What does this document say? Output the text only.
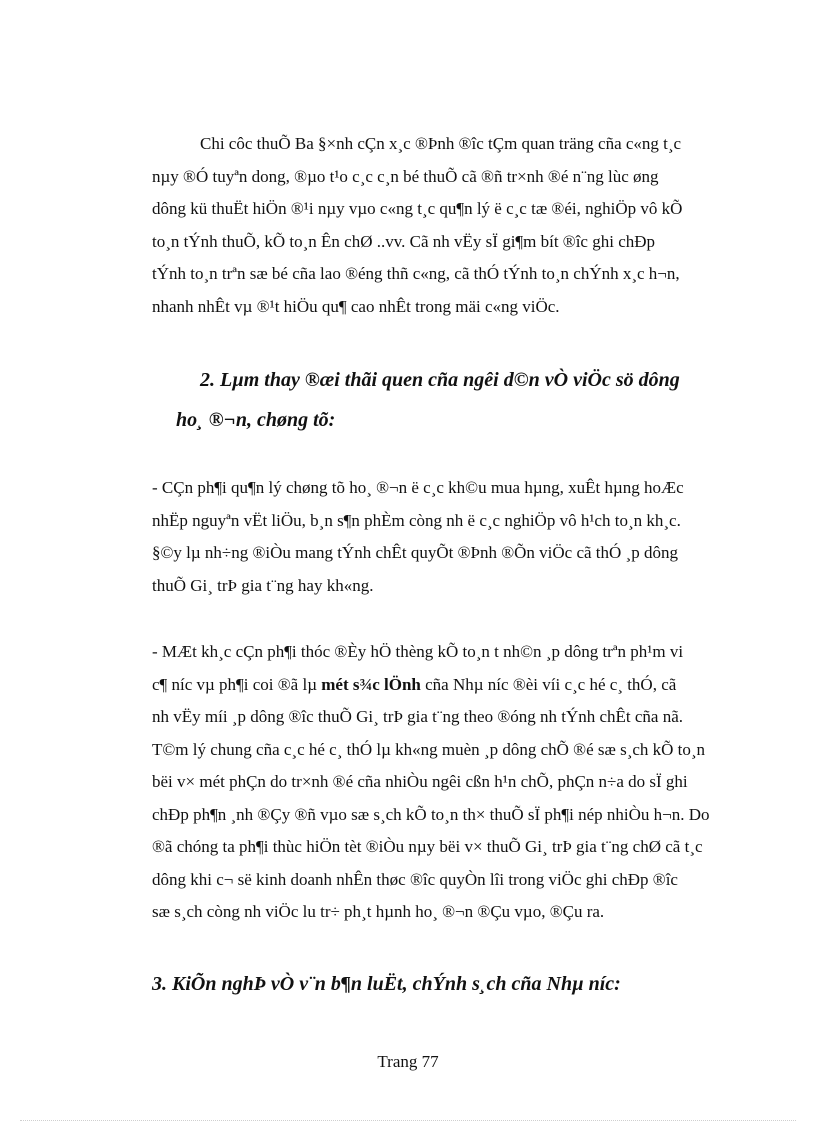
Chi côc thuÕ Ba §×nh cÇn x¸c ®Þnh ®îc tÇm quan träng cña c«ng t¸c
nµy ®Ó tuyªn dong, ®µo t¹o c¸c c¸n bé thuÕ cã ®ñ tr×nh ®é n¨ng lùc øng
dông kü thuËt hiÖn ®¹i nµy vµo c«ng t¸c qu¶n lý ë c¸c tæ ®éi, nghiÖp vô kÕ
to¸n tÝnh thuÕ, kÕ to¸n Ên chØ ..vv. Cã nh vËy sÏ gi¶m bít ®îc ghi chÐp
tÝnh to¸n trªn sæ bé cña lao ®éng thñ c«ng, cã thÓ tÝnh to¸n chÝnh x¸c h¬n,
nhanh nhÊt vµ ®¹t hiÖu qu¶ cao nhÊt trong mäi c«ng viÖc.
2. Lµm thay ®æi thãi quen cña ngêi d©n vÒ viÖc sö dông
ho¸ ®¬n, chøng tõ:
- CÇn ph¶i qu¶n lý chøng tõ ho¸ ®¬n ë c¸c kh©u mua hµng, xuÊt hµng hoÆc
nhËp nguyªn vËt liÖu, b¸n s¶n phÈm còng nh ë c¸c nghiÖp vô h¹ch to¸n kh¸c.
§©y lµ nh÷ng ®iÒu mang tÝnh chÊt quyÕt ®Þnh ®Õn viÖc cã thÓ ¸p dông
thuÕ Gi¸ trÞ gia t¨ng hay kh«ng.
- MÆt kh¸c cÇn ph¶i thóc ®Èy hÖ thèng kÕ to¸n t nh©n ¸p dông trªn ph¹m vi
c¶ níc vµ ph¶i coi ®ã lµ mét s¾c lÖnh cña Nhµ níc ®èi víi c¸c hé c¸ thÓ, cã
nh vËy míi ¸p dông ®îc thuÕ Gi¸ trÞ gia t¨ng theo ®óng nh tÝnh chÊt cña nã.
T©m lý chung cña c¸c hé c¸ thÓ lµ kh«ng muèn ¸p dông chÕ ®é sæ s¸ch kÕ to¸n
bëi v× mét phÇn do tr×nh ®é cña nhiÒu ngêi cßn h¹n chÕ, phÇn n÷a do sÏ ghi
chÐp ph¶n ¸nh ®Çy ®ñ vµo sæ s¸ch kÕ to¸n th× thuÕ sÏ ph¶i nép nhiÒu h¬n. Do
®ã chóng ta ph¶i thùc hiÖn tèt ®iÒu nµy bëi v× thuÕ Gi¸ trÞ gia t¨ng chØ cã t¸c
dông khi c¬ së kinh doanh nhÊn thøc ®îc quyÒn lîi trong viÖc ghi chÐp ®îc
sæ s¸ch còng nh viÖc lu tr÷ ph¸t hµnh ho¸ ®¬n ®Çu vµo, ®Çu ra.
3. KiÕn nghÞ vÒ v¨n b¶n luËt, chÝnh s¸ch cña Nhµ níc:
Trang 77
